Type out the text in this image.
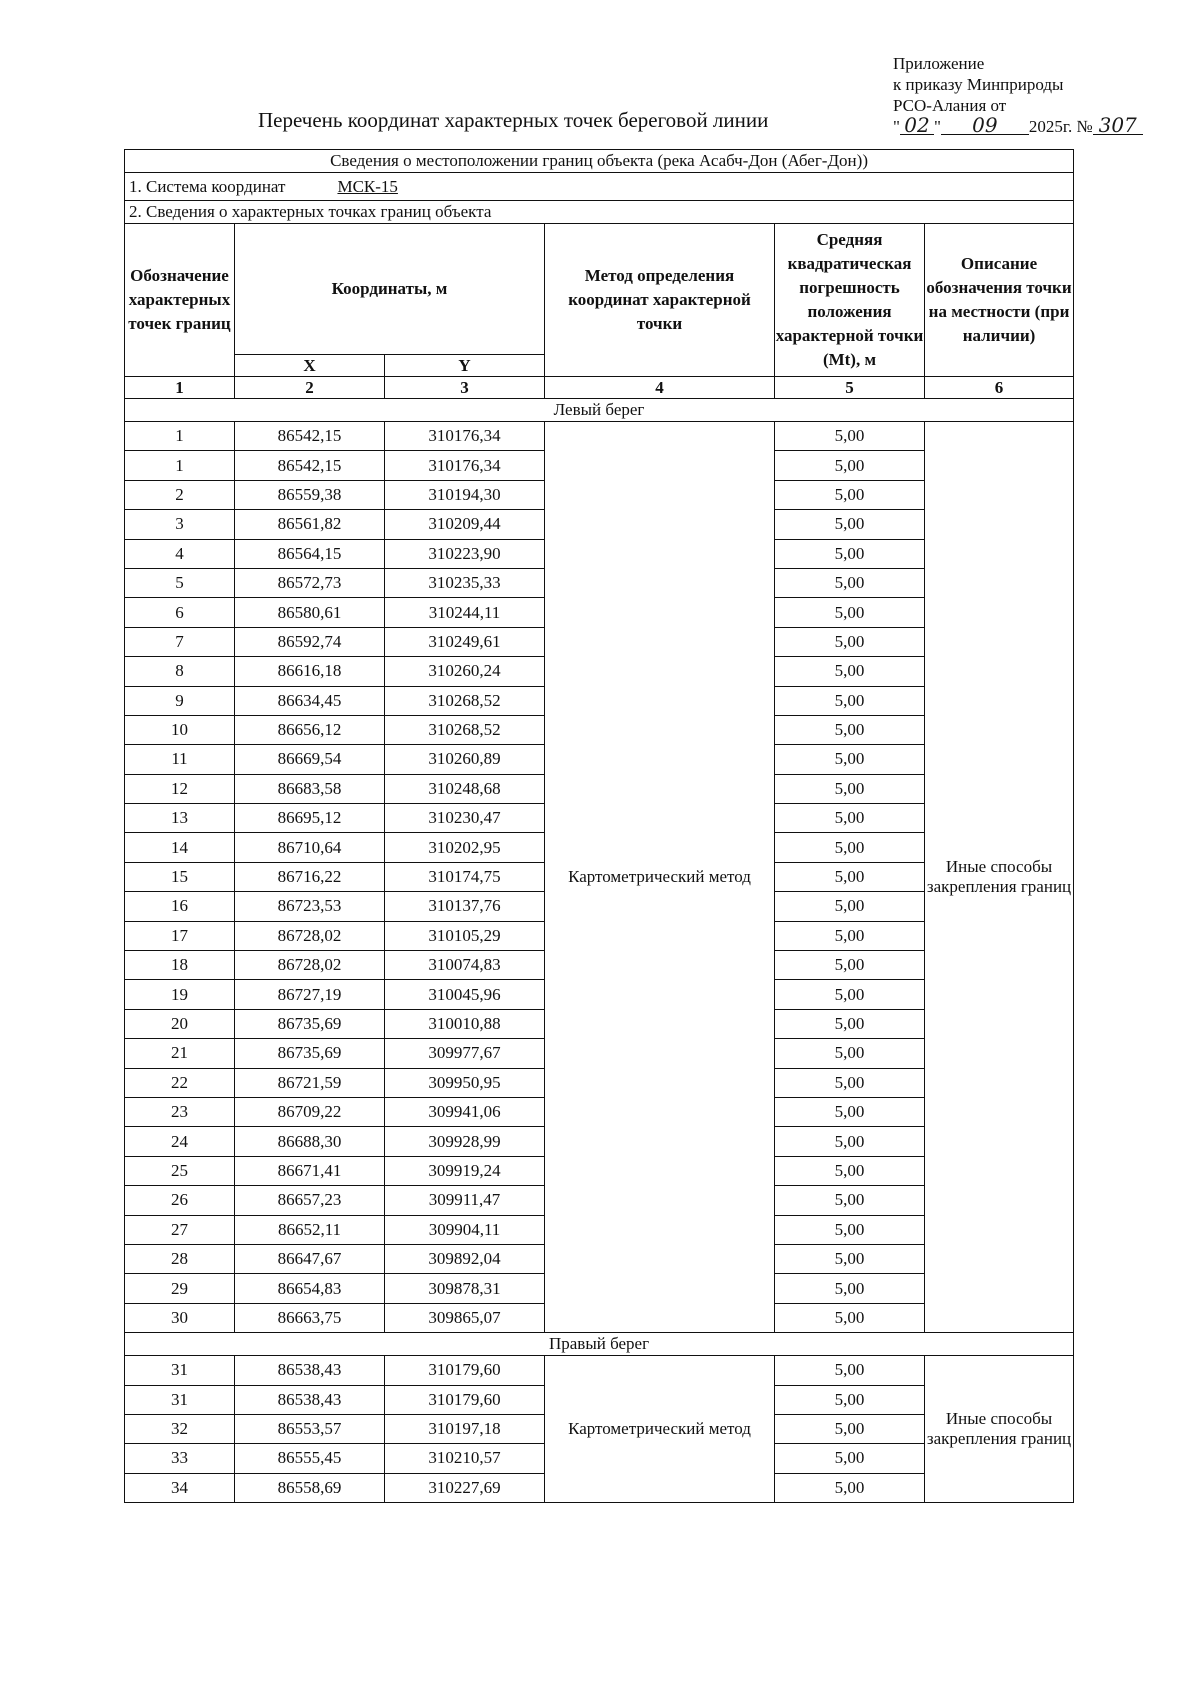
Приложение
к приказу Минприроды
РСО-Алания от
" 02 " 09 2025г. № 307
Перечень координат характерных точек береговой линии
Сведения о местоположении границ объекта (река Асабч-Дон (Абег-Дон))					
1. Система координат МСК-15					
2. Сведения о характерных точках границ объекта					
Обозначение характерных точек границ	Координаты, м		Метод определения координат характерной точки	Средняя квадратическая погрешность положения характерной точки (Mt), м	Описание обозначения точки на местности (при наличии)
	X	Y			
1	2	3	4	5	6
Левый берег					
1	86542,15	310176,34	Картометрический метод	5,00	Иные способы закрепления границ
1	86542,15	310176,34		5,00	
2	86559,38	310194,30		5,00	
3	86561,82	310209,44		5,00	
4	86564,15	310223,90		5,00	
5	86572,73	310235,33		5,00	
6	86580,61	310244,11		5,00	
7	86592,74	310249,61		5,00	
8	86616,18	310260,24		5,00	
9	86634,45	310268,52		5,00	
10	86656,12	310268,52		5,00	
11	86669,54	310260,89		5,00	
12	86683,58	310248,68		5,00	
13	86695,12	310230,47		5,00	
14	86710,64	310202,95		5,00	
15	86716,22	310174,75		5,00	
16	86723,53	310137,76		5,00	
17	86728,02	310105,29		5,00	
18	86728,02	310074,83		5,00	
19	86727,19	310045,96		5,00	
20	86735,69	310010,88		5,00	
21	86735,69	309977,67		5,00	
22	86721,59	309950,95		5,00	
23	86709,22	309941,06		5,00	
24	86688,30	309928,99		5,00	
25	86671,41	309919,24		5,00	
26	86657,23	309911,47		5,00	
27	86652,11	309904,11		5,00	
28	86647,67	309892,04		5,00	
29	86654,83	309878,31		5,00	
30	86663,75	309865,07		5,00	
Правый берег					
31	86538,43	310179,60	Картометрический метод	5,00	Иные способы закрепления границ
31	86538,43	310179,60		5,00	
32	86553,57	310197,18		5,00	
33	86555,45	310210,57		5,00	
34	86558,69	310227,69		5,00	
